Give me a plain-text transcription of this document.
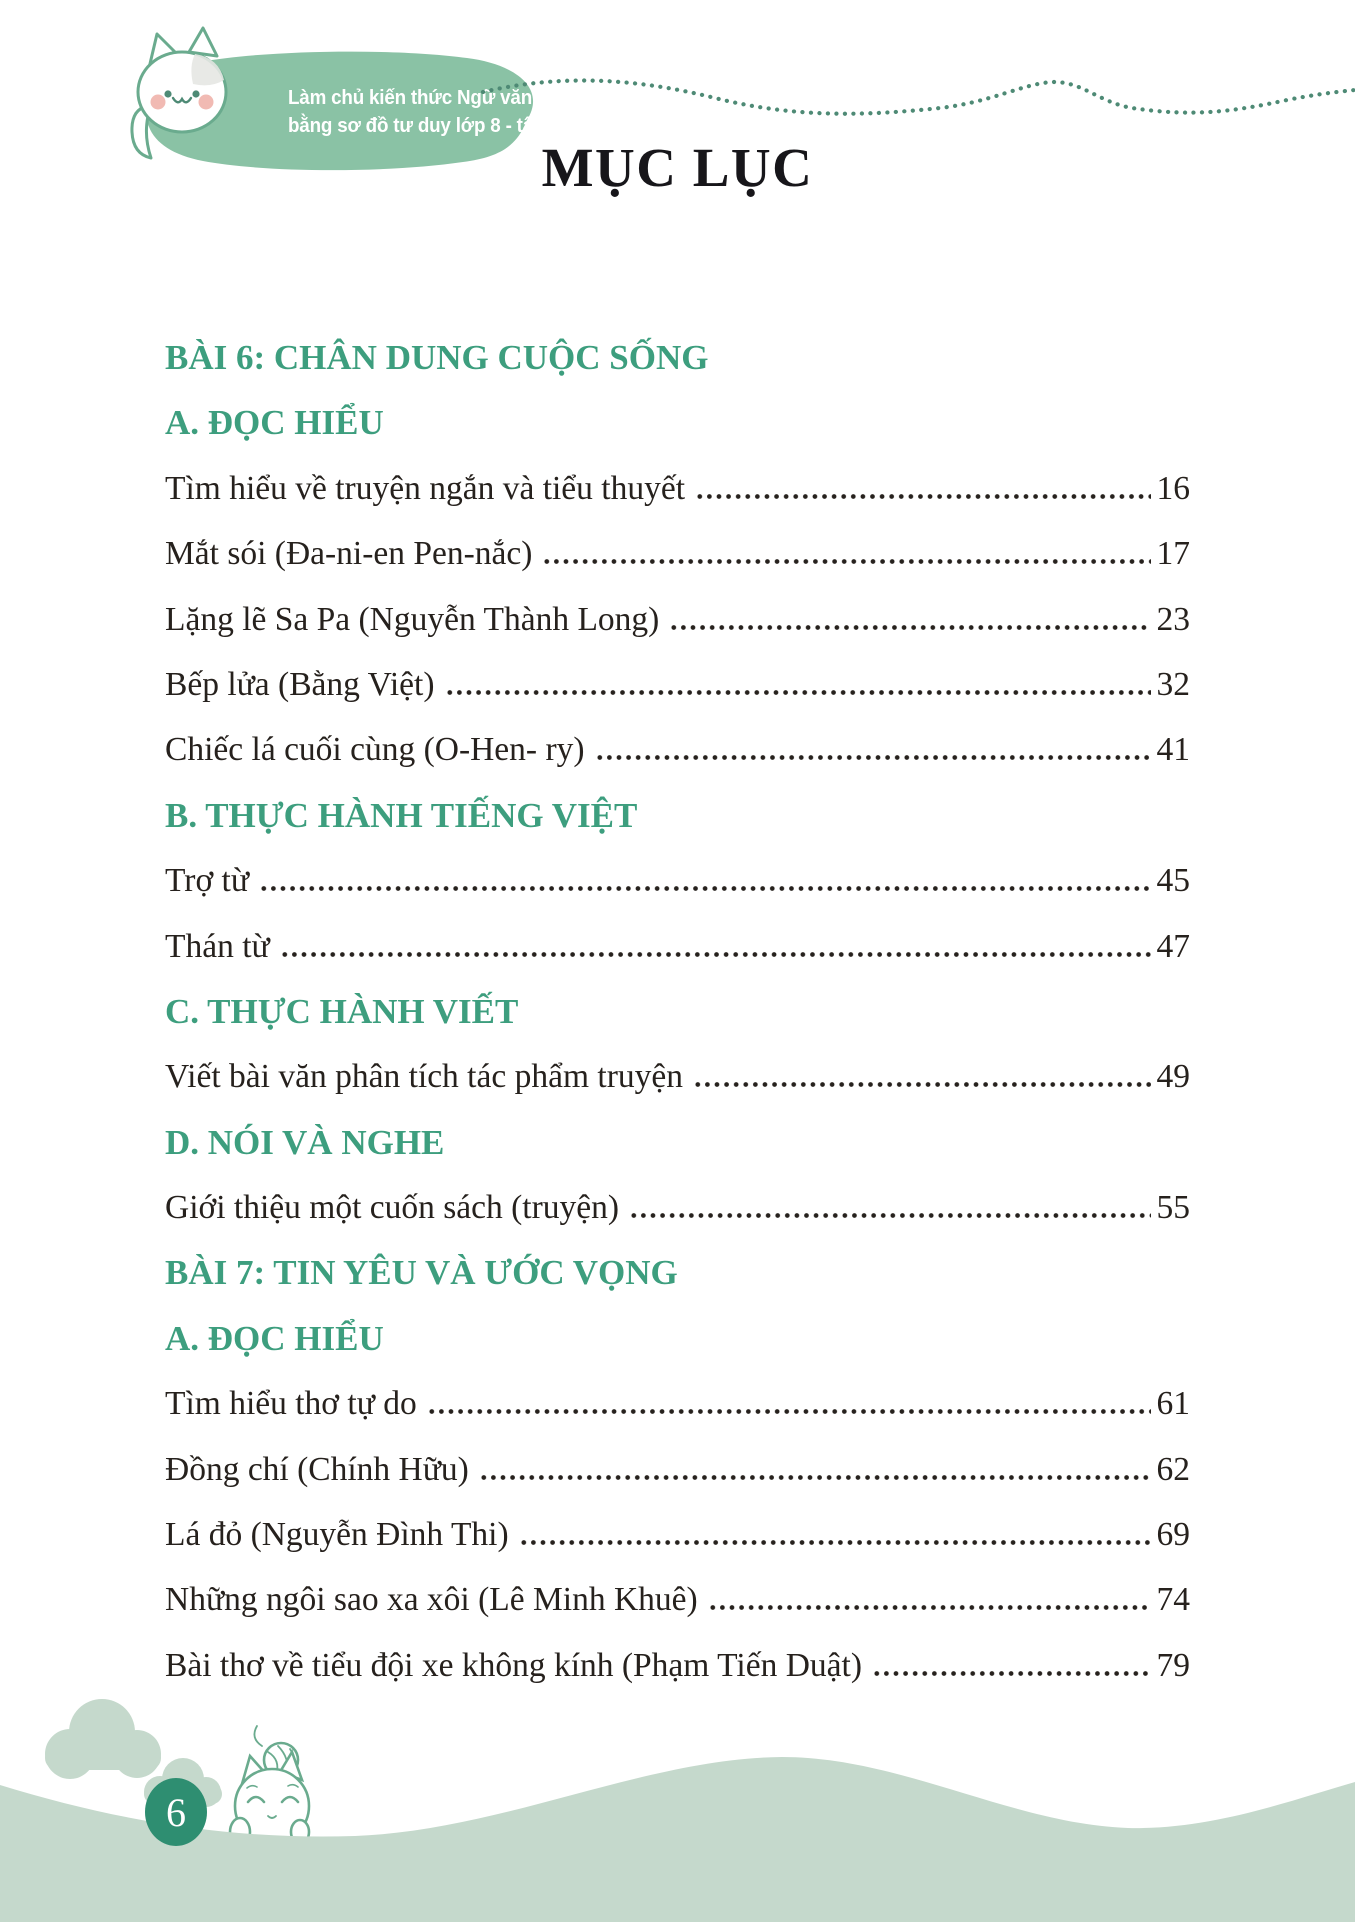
Làm chủ kiến thức Ngữ văn
bằng sơ đồ tư duy lớp 8 - tập 2
MỤC LỤC
BÀI 6: CHÂN DUNG CUỘC SỐNG
A. ĐỌC HIỂU
Tìm hiểu về truyện ngắn và tiểu thuyết	16
Mắt sói (Đa-ni-en Pen-nắc)	17
Lặng lẽ Sa Pa (Nguyễn Thành Long)	23
Bếp lửa (Bằng Việt)	32
Chiếc lá cuối cùng (O-Hen- ry)	41
B. THỰC HÀNH TIẾNG VIỆT
Trợ từ	45
Thán từ	47
C. THỰC HÀNH VIẾT
Viết bài văn phân tích tác phẩm truyện	49
D. NÓI VÀ NGHE
Giới thiệu một cuốn sách (truyện)	55
BÀI 7: TIN YÊU VÀ ƯỚC VỌNG
A. ĐỌC HIỂU
Tìm hiểu thơ tự do	61
Đồng chí (Chính Hữu)	62
Lá đỏ (Nguyễn Đình Thi)	69
Những ngôi sao xa xôi (Lê Minh Khuê)	74
Bài thơ về tiểu đội xe không kính (Phạm Tiến Duật)	79
6
